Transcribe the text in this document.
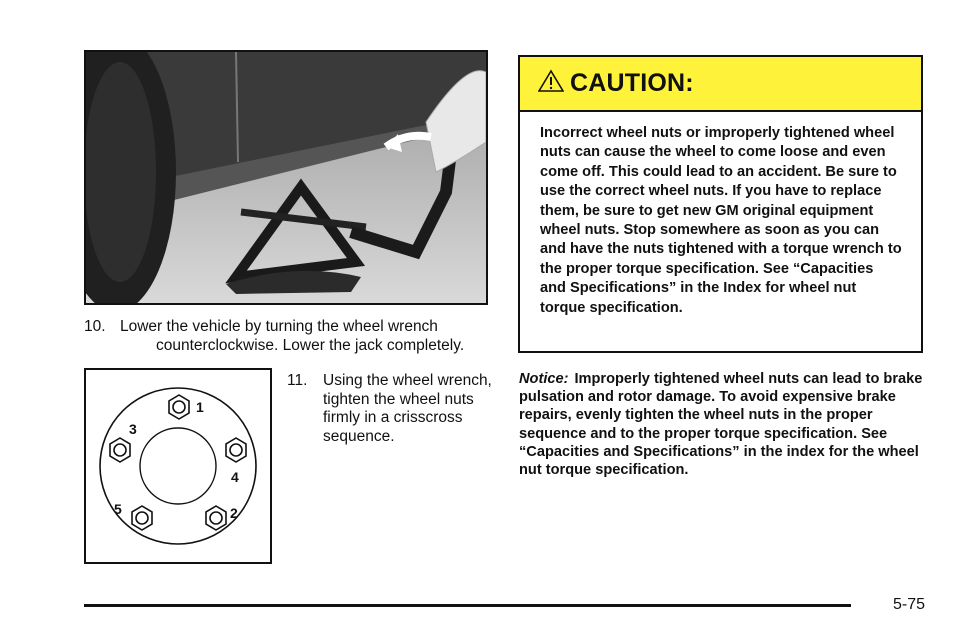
10. Lower the vehicle by turning the wheel wrench counterclockwise. Lower the jack completely.
1
4
2
5
3
11.	Using the wheel wrench, tighten the wheel nuts firmly in a crisscross sequence.
CAUTION:
Incorrect wheel nuts or improperly tightened wheel nuts can cause the wheel to come loose and even come off. This could lead to an accident. Be sure to use the correct wheel nuts. If you have to replace them, be sure to get new GM original equipment wheel nuts. Stop somewhere as soon as you can and have the nuts tightened with a torque wrench to the proper torque specification. See “Capacities and Specifications” in the Index for wheel nut torque specification.
Notice: Improperly tightened wheel nuts can lead to brake pulsation and rotor damage. To avoid expensive brake repairs, evenly tighten the wheel nuts in the proper sequence and to the proper torque specification. See “Capacities and Specifications” in the index for the wheel nut torque specification.
5-75
